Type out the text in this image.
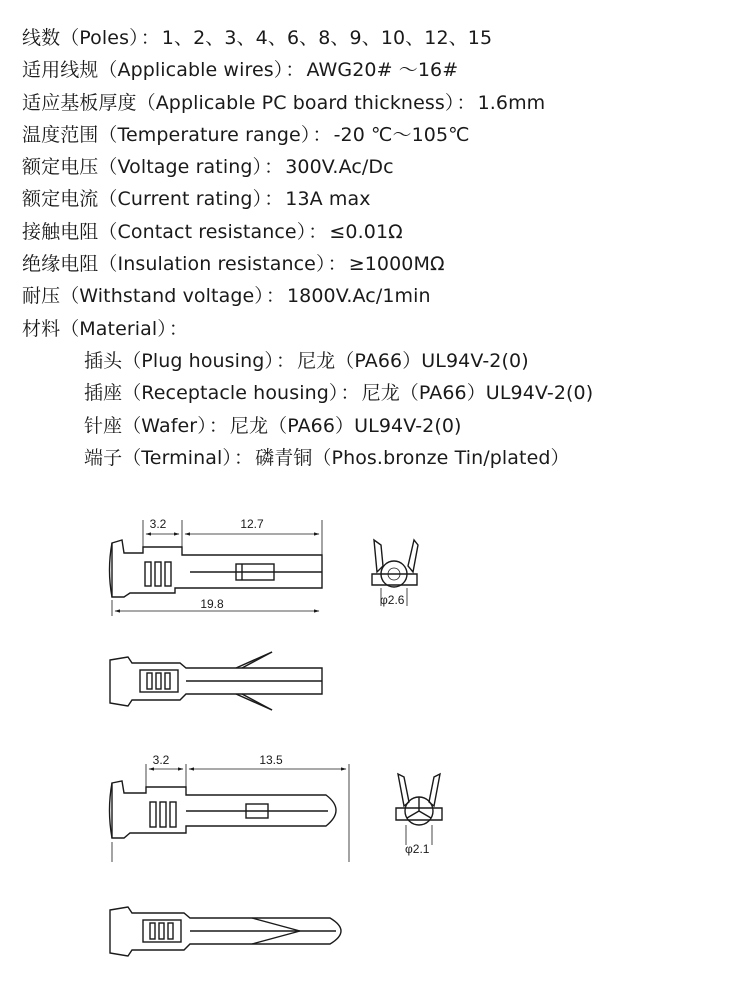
线数（Poles） ： 1、2、3、4、6、8、9、10、12、15
适用线规（Applicable wires） ： AWG20# ～16#
适应基板厚度（Applicable PC board thickness） ： 1.6mm
温度范围（Temperature range） ： -20 ℃～105℃
额定电压（Voltage rating） ： 300V.Ac/Dc
额定电流（Current rating） ： 13A max
接触电阻（Contact resistance） ： ≤0.01Ω
绝缘电阻（Insulation resistance） ： ≥1000MΩ
耐压（Withstand voltage） ： 1800V.Ac/1min
材料（Material） ：
插头（Plug housing） ： 尼龙（PA66）UL94V-2(0)
插座（Receptacle housing） ： 尼龙（PA66）UL94V-2(0)
针座（Wafer） ： 尼龙（PA66）UL94V-2(0)
端子（Terminal） ： 磷青铜（Phos.bronze Tin/plated）
3.2	12.7
19.8	φ2.6
3.2	13.5
φ2.1
